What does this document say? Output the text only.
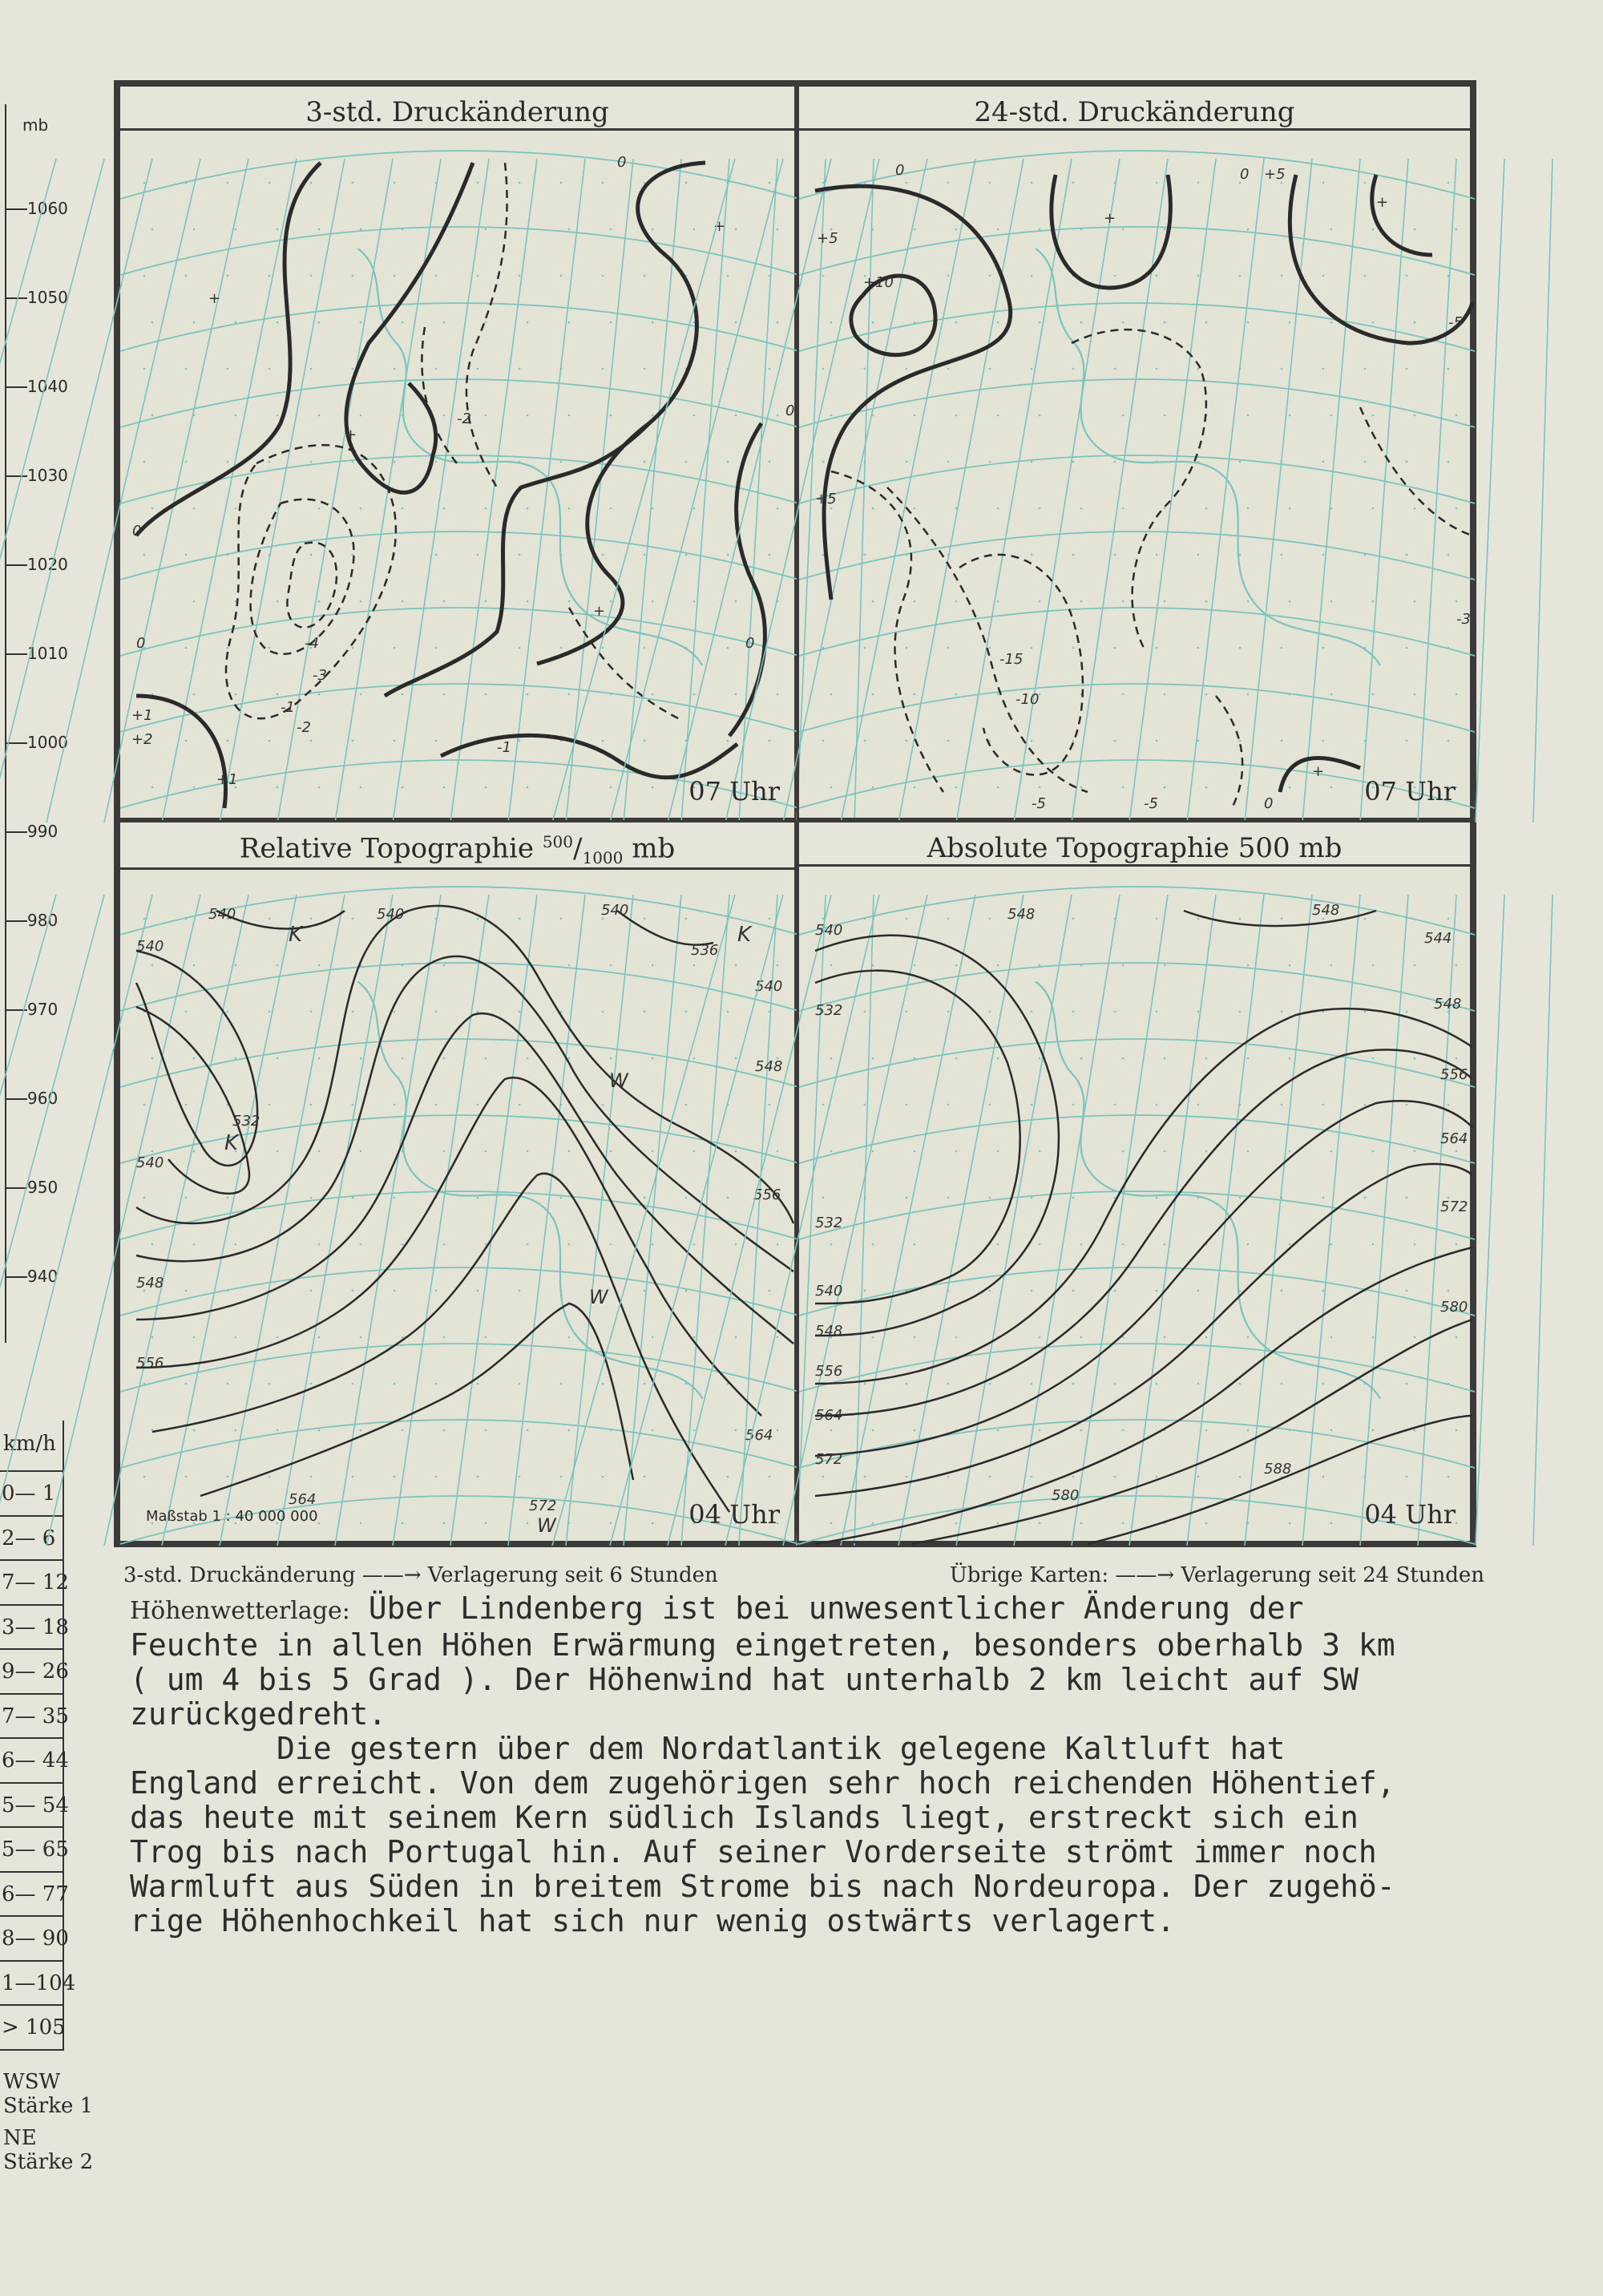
mb
1060
1050
1040
1030
1020
1010
1000
990
980
970
960
950
940
km/h
0— 1
2— 6
7— 12
3— 18
9— 26
7— 35
6— 44
5— 54
5— 65
6— 77
8— 90
1—104
> 105
WSW
Stärke 1
NE
Stärke 2
3-std. Druckänderung
0
0
0
0
0
+1
+1
+2
-1
-2
-3
-4
+
+
+
+
-2
-1
07 Uhr
24-std. Druckänderung
0	0 +5
+5
+10
+5
-10
-15
-5	-5
-5
-3
0
+
+
+
07 Uhr
Relative Topographie $^{500}/_{1000}$ mb
540	540	540
536
540
548
540
532
540
548
556
564
572
564
556
K	K
K
W
W
W
Maßstab 1 : 40 000 000	04 Uhr
Absolute Topographie 500 mb
548	548
544
548
556
564
572
580
540
532
532
540
548
556
564
572
580
588
04 Uhr
3-std. Druckänderung ——→ Verlagerung seit 6 Stunden	Übrige Karten: ——→ Verlagerung seit 24 Stunden
Höhenwetterlage: Über Lindenberg ist bei unwesentlicher Änderung der
Feuchte in allen Höhen Erwärmung eingetreten, besonders oberhalb 3 km
( um 4 bis 5 Grad ). Der Höhenwind hat unterhalb 2 km leicht auf SW
zurückgedreht.
Die gestern über dem Nordatlantik gelegene Kaltluft hat
England erreicht. Von dem zugehörigen sehr hoch reichenden Höhentief,
das heute mit seinem Kern südlich Islands liegt, erstreckt sich ein
Trog bis nach Portugal hin. Auf seiner Vorderseite strömt immer noch
Warmluft aus Süden in breitem Strome bis nach Nordeuropa. Der zugehö-
rige Höhenhochkeil hat sich nur wenig ostwärts verlagert.
